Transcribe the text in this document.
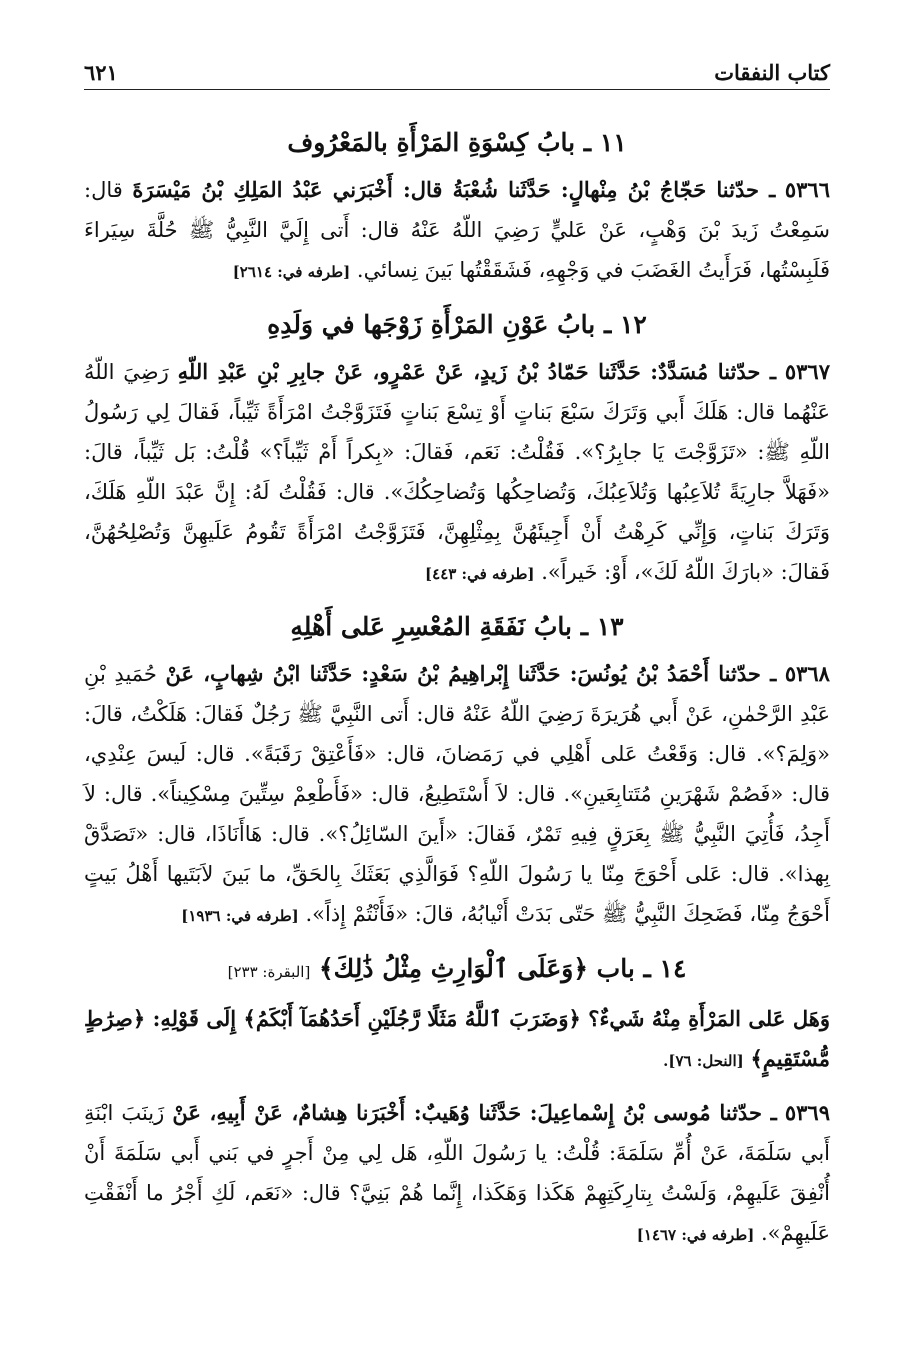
كتاب النفقات
٦٢١
١١ ـ بابُ كِسْوَةِ المَرْأَةِ بالمَعْرُوف

٥٣٦٦ ـ حدّثنا حَجّاجُ بْنُ مِنْهالٍ: حَدَّثَنا شُعْبَةُ قال: أَخْبَرَني عَبْدُ المَلِكِ بْنُ مَيْسَرَةَ قال: سَمِعْتُ زَيدَ بْنَ وَهْبٍ، عَنْ عَليٍّ رَضِيَ اللّهُ عَنْهُ قال: أَتى إِلَيَّ النَّبِيُّ ﷺ حُلَّةَ سِيَراءَ فَلَبِسْتُها، فَرَأَيتُ الغَضَبَ في وَجْهِهِ، فَشَقَقْتُها بَينَ نِسائي. [طرفه في: ٢٦١٤]

١٢ ـ بابُ عَوْنِ المَرْأَةِ زَوْجَها في وَلَدِهِ

٥٣٦٧ ـ حدّثنا مُسَدَّدٌ: حَدَّثَنا حَمّادُ بْنُ زَيدٍ، عَنْ عَمْرٍو، عَنْ جابِرِ بْنِ عَبْدِ اللّهِ رَضِيَ اللّهُ عَنْهُما قال: هَلَكَ أَبي وَتَرَكَ سَبْعَ بَناتٍ أَوْ تِسْعَ بَناتٍ فَتَزَوَّجْتُ امْرَأَةً ثَيِّباً، فَقالَ لِي رَسُولُ اللّهِ ﷺ: «تَزَوَّجْتَ يَا جابِرُ؟». فَقُلْتُ: نَعَم، فَقالَ: «بِكراً أَمْ ثَيِّباً؟» قُلْتُ: بَل ثَيِّباً، قالَ: «فَهَلاَّ جارِيَةً تُلاَعِبُها وَتُلاَعِبُكَ، وَتُضاحِكُها وَتُضاحِكُكَ». قال: فَقُلْتُ لَهُ: إِنَّ عَبْدَ اللّهِ هَلَكَ، وَتَرَكَ بَناتٍ، وَإِنِّي كَرِهْتُ أَنْ أَجِيئَهُنَّ بِمِثْلِهِنَّ، فَتَزَوَّجْتُ امْرَأَةً تَقُومُ عَلَيهِنَّ وَتُصْلِحُهُنَّ، فَقالَ: «بارَكَ اللّهُ لَكَ»، أَوْ: خَيراً». [طرفه في: ٤٤٣]

١٣ ـ بابُ نَفَقَةِ المُعْسِرِ عَلى أَهْلِهِ

٥٣٦٨ ـ حدّثنا أَحْمَدُ بْنُ يُونُسَ: حَدَّثَنا إِبْراهِيمُ بْنُ سَعْدٍ: حَدَّثَنا ابْنُ شِهابٍ، عَنْ حُمَيدِ بْنِ عَبْدِ الرَّحْمٰنِ، عَنْ أَبي هُرَيرَةَ رَضِيَ اللّهُ عَنْهُ قال: أَتى النَّبِيَّ ﷺ رَجُلٌ فَقالَ: هَلَكْتُ، قالَ: «وَلِمَ؟». قال: وَقَعْتُ عَلى أَهْلِي في رَمَضانَ، قال: «فَأَعْتِقْ رَقَبَةً». قال: لَيسَ عِنْدِي، قال: «فَصُمْ شَهْرَينِ مُتَتابِعَينِ». قال: لاَ أَسْتَطِيعُ، قال: «فَأَطْعِمْ سِتِّينَ مِسْكِيناً». قال: لاَ أَجِدُ، فَأُتِيَ النَّبِيُّ ﷺ بِعَرَقٍ فِيهِ تَمْرٌ، فَقالَ: «أَينَ السّائِلُ؟». قال: هَاأَنَاذَا، قال: «تَصَدَّقْ بِهذا». قال: عَلى أَحْوَجَ مِنّا يا رَسُولَ اللّهِ؟ فَوَالَّذِي بَعَثَكَ بِالحَقِّ، ما بَينَ لاَبَتَيها أَهْلُ بَيتٍ أَحْوَجُ مِنّا، فَضَحِكَ النَّبِيُّ ﷺ حَتّى بَدَتْ أَنْيابُهُ، قالَ: «فَأَنْتُمْ إِذاً». [طرفه في: ١٩٣٦]

١٤ ـ باب ﴿وَعَلَى ٱلْوَارِثِ مِثْلُ ذَٰلِكَ﴾ [البقرة: ٢٣٣]

وَهَل عَلى المَرْأَةِ مِنْهُ شَيءٌ؟ ﴿وَضَرَبَ ٱللَّهُ مَثَلًا رَّجُلَيْنِ أَحَدُهُمَآ أَبْكَمُ﴾ إِلَى قَوْلِهِ: ﴿صِرَٰطٍ مُّسْتَقِيمٍ﴾ [النحل: ٧٦].

٥٣٦٩ ـ حدّثنا مُوسى بْنُ إِسْماعِيلَ: حَدَّثَنا وُهَيبٌ: أَخْبَرَنا هِشامٌ، عَنْ أَبِيهِ، عَنْ زَينَبَ ابْنَةِ أَبي سَلَمَةَ، عَنْ أُمِّ سَلَمَةَ: قُلْتُ: يا رَسُولَ اللّهِ، هَل لِي مِنْ أَجرٍ في بَني أَبي سَلَمَةَ أَنْ أُنْفِقَ عَلَيهِمْ، وَلَسْتُ بِتارِكَتِهِمْ هَكَذا وَهَكَذا، إِنَّما هُمْ بَنِيَّ؟ قال: «نَعَم، لَكِ أَجْرُ ما أَنْفَقْتِ عَلَيهِمْ». [طرفه في: ١٤٦٧]
